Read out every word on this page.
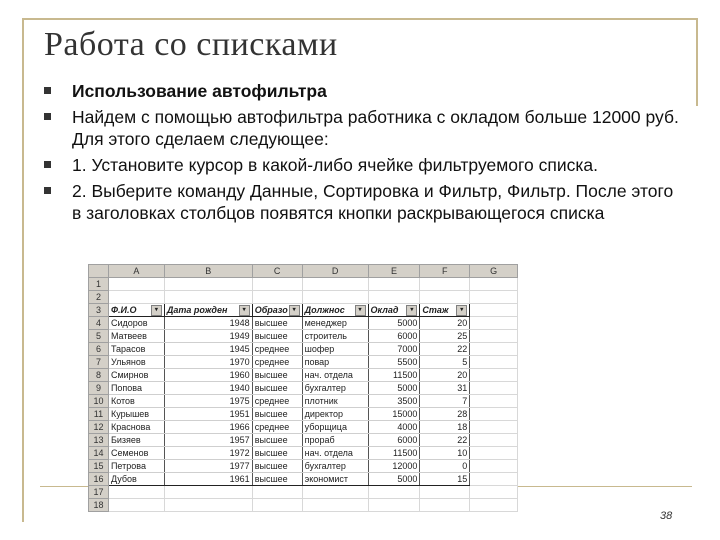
Работа со списками
Использование автофильтра
Найдем с помощью автофильтра работника с окладом больше 12000 руб. Для этого сделаем следующее:
1. Установите курсор в какой-либо ячейке фильтруемого списка.
2. Выберите команду Данные, Сортировка и Фильтр, Фильтр. После этого в заголовках столбцов появятся кнопки раскрывающегося списка
	A	B	C	D	E	F	G
1							
2							
3	Ф.И.О ▾	Дата рожден ▾	Образо ▾	Должнос ▾	Оклад ▾	Стаж ▾	

4	Сидоров	1948	высшее	менеджер	5000	20	
5	Матвеев	1949	высшее	строитель	6000	25	
6	Тарасов	1945	среднее	шофер	7000	22	
7	Ульянов	1970	среднее	повар	5500	5	
8	Смирнов	1960	высшее	нач. отдела	11500	20	
9	Попова	1940	высшее	бухгалтер	5000	31	
10	Котов	1975	среднее	плотник	3500	7	
11	Курышев	1951	высшее	директор	15000	28	
12	Краснова	1966	среднее	уборщица	4000	18	
13	Бизяев	1957	высшее	прораб	6000	22	
14	Семенов	1972	высшее	нач. отдела	11500	10	
15	Петрова	1977	высшее	бухгалтер	12000	0	
16	Дубов	1961	высшее	экономист	5000	15	
17							
18							
38
